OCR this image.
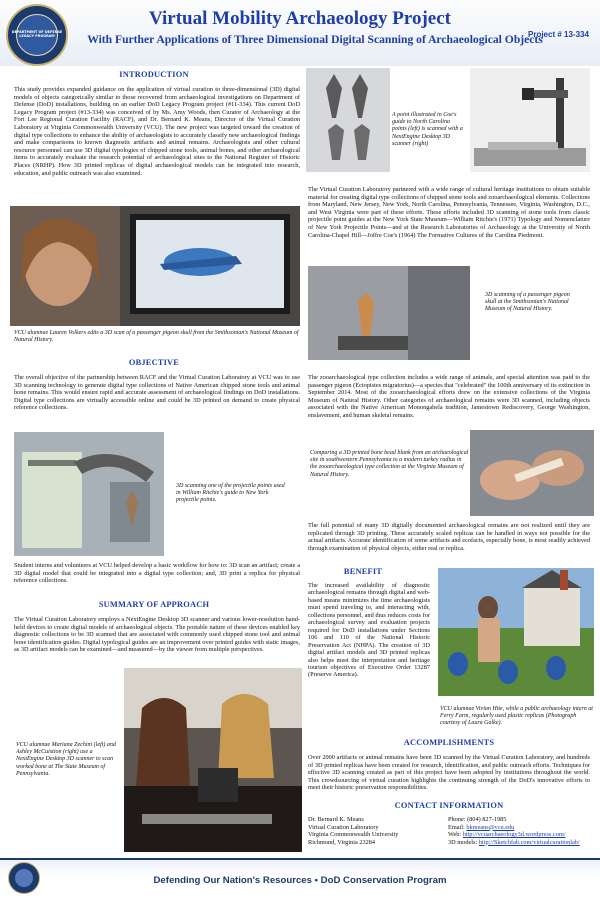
DEPARTMENT OF DEFENSE LEGACY PROGRAM
Virtual Mobility Archaeology Project
With Further Applications of Three Dimensional Digital Scanning of Archaeological Objects
Project # 13-334
INTRODUCTION
This study provides expanded guidance on the application of virtual curation to three-dimensional (3D) digital models of objects categorically similar to those recovered from archaeological investigations on Department of Defense (DoD) installations, building on an earlier DoD Legacy Program project (#11-334). This current DoD Legacy Program project (#13-334) was conceived of by Ms. Amy Woods, then Curator of Archaeology at the Fort Lee Regional Curation Facility (RACF), and Dr. Bernard K. Means, Director of the Virtual Curation Laboratory at Virginia Commonwealth University (VCU). The new project was targeted toward the creation of digital type collections to enhance the ability of archaeologists to accurately classify new archaeological findings and make comparisons to known diagnostic artifacts and animal remains. Archaeologists and other cultural resource personnel can use 3D digital typologies of chipped stone tools, animal bones, and other archaeological items to accurately evaluate the research potential of archaeological sites to the National Register of Historic Places (NRHP). How 3D printed replicas of digital archaeological models can be integrated into research, education, and public outreach was also examined.
VCU alumnae Lauren Volkers edits a 3D scan of a passenger pigeon skull from the Smithsonian's National Museum of Natural History.
OBJECTIVE
The overall objective of the partnership between RACF and the Virtual Curation Laboratory at VCU was to use 3D scanning technology to generate digital type collections of Native American chipped stone tools and animal bone remains. This would ensure rapid and accurate assessment of archaeological findings on DoD installations. Digital type collections are virtually accessible online and could be 3D printed on demand to create physical reference collections.
3D scanning one of the projectile points used in William Ritchie's guide to New York projectile points.
Student interns and volunteers at VCU helped develop a basic workflow for how to: 3D scan an artifact; create a 3D digital model that could be integrated into a digital type collection; and, 3D print a replica for physical reference collections.
SUMMARY OF APPROACH
The Virtual Curation Laboratory employs a NextEngine Desktop 3D scanner and various lower-resolution hand-held devices to create digital models of archaeological objects. The portable nature of these devices enabled key diagnostic collections to be 3D scanned that are associated with commonly used chipped stone tool and animal bone identification guides. Digital typological guides are an improvement over printed guides with static images, as 3D artifact models can be examined—and measured—by the viewer from multiple perspectives.
VCU alumnae Mariana Zechini (left) and Ashley McCuistion (right) use a NextEngine Desktop 3D scanner to scan worked bone at The State Museum of Pennsylvania.
A point illustrated in Coe's guide to North Carolina points (left) is scanned with a NextEngine Desktop 3D scanner (right)
The Virtual Curation Laboratory partnered with a wide range of cultural heritage institutions to obtain suitable material for creating digital type collections of chipped stone tools and zooarchaeological elements. Collections from Maryland, New Jersey, New York, North Carolina, Pennsylvania, Tennessee, Virginia, Washington, D.C., and West Virginia were part of these efforts. These efforts included 3D scanning of stone tools from classic projectile point guides at the New York State Museum—William Ritchie's (1971) Typology and Nomenclature of New York Projectile Points—and at the Research Laboratories of Archaeology at the University of North Carolina-Chapel Hill—Joffre Coe's (1964) The Formative Cultures of the Carolina Piedmont.
3D scanning of a passenger pigeon skull at the Smithsonian's National Museum of Natural History.
The zooarchaeological type collection includes a wide range of animals, and special attention was paid to the passenger pigeon (Ectopistes migratorius)—a species that "celebrated" the 100th anniversary of its extinction in September 2014. Most of the zooarchaeological efforts drew on the extensive collections of the Virginia Museum of Natural History. Other categories of archaeological remains were 3D scanned, including objects associated with the Native American Monongahela tradition, Jamestown Rediscovery, George Washington, enslavement, and human skeletal remains.
Comparing a 3D printed bone bead blank from an archaeological site in southwestern Pennsylvania to a modern turkey radius in the zooarchaeological type collection at the Virginia Museum of Natural History.
The full potential of many 3D digitally documented archaeological remains are not realized until they are replicated through 3D printing. These accurately scaled replicas can be handled in ways not possible for the actual artifacts. Accurate identification of some artifacts and ecofacts, especially bone, is most readily achieved through examination of physical objects, either real or replica.
BENEFIT
The increased availability of diagnostic archaeological remains through digital and web-based means minimizes the time archaeologists must spend traveling to, and interacting with, collections personnel, and thus reduces costs for archaeological survey and evaluation projects required for DoD installations under Sections 106 and 110 of the National Historic Preservation Act (NHPA). The creation of 3D digital artifact models and 3D printed replicas also helps meet the interpretation and heritage tourism objectives of Executive Order 13287 (Preserve America).
VCU alumnae Vivian Hite, while a public archaeology intern at Ferry Farm, regularly used plastic replicas (Photograph courtesy of Laura Galke).
ACCOMPLISHMENTS
Over 2000 artifacts or animal remains have been 3D scanned by the Virtual Curation Laboratory, and hundreds of 3D printed replicas have been created for research, identification, and public outreach efforts. Techniques for effective 3D scanning created as part of this project have been adopted by institutions throughout the world. This crowdsourcing of virtual curation highlights the continuing strength of the DoD's innovative efforts to meet their historic preservation responsibilities.
CONTACT INFORMATION
Dr. Bernard K. Means
Virtual Curation Laboratory
Virginia Commonwealth University
Richmond, Virginia 23284
Phone: (804) 827-1985
Email: bkmeans@vcu.edu
Web: http://vcuarchaeology3d.wordpress.com/
3D models: http://Sketchfab.com/virtualcurationlab/
Defending Our Nation's Resources • DoD Conservation Program
